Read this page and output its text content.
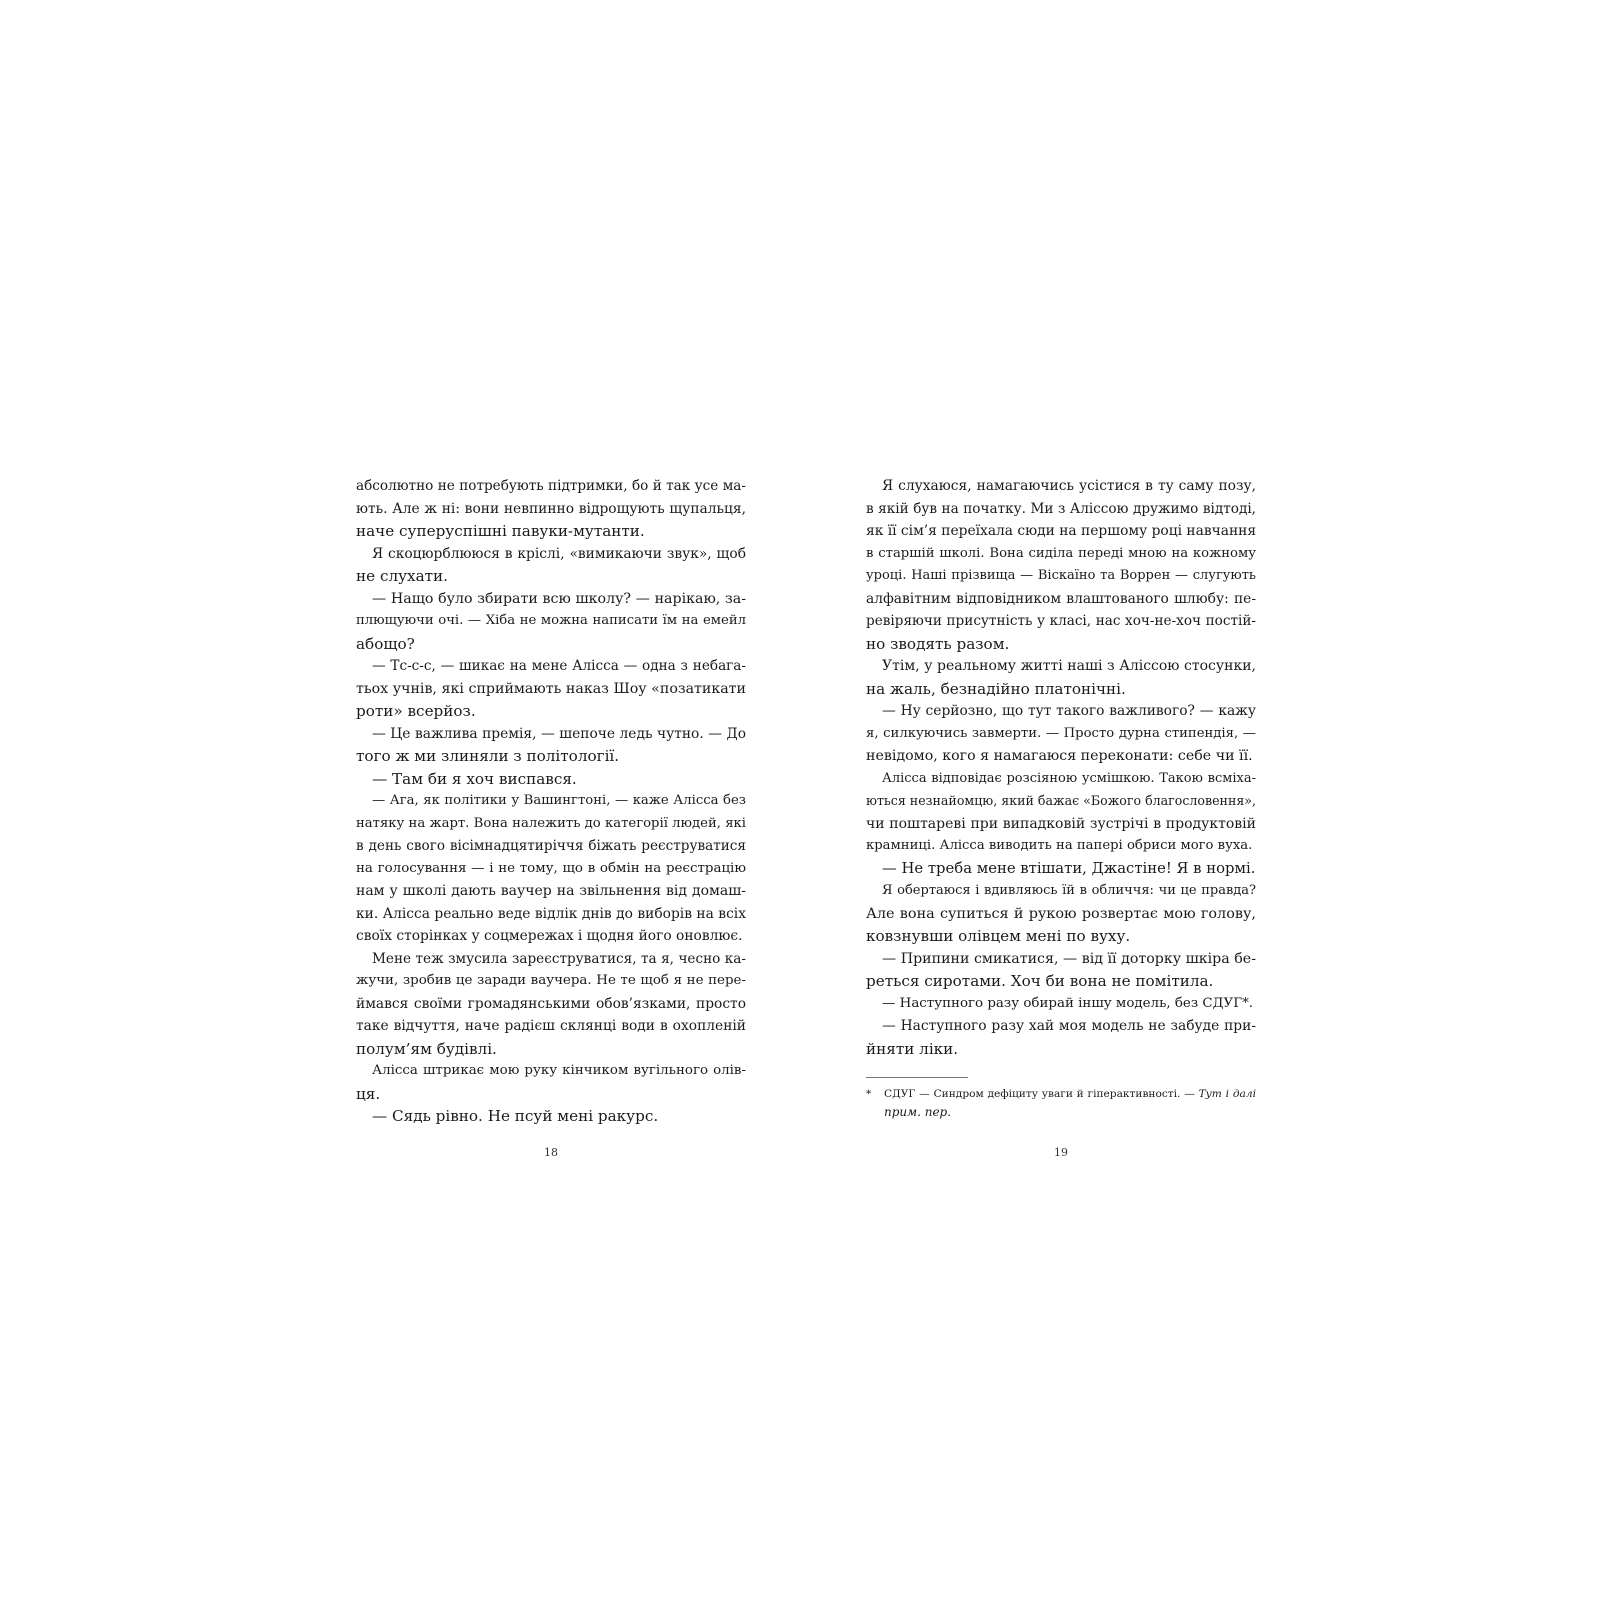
абсолютно не потребують підтримки, бо й так усе ма-
ють. Але ж ні: вони невпинно відрощують щупальця,
наче суперуспішні павуки-мутанти.
Я скоцюрблююся в кріслі, «вимикаючи звук», щоб
не слухати.
— Нащо було збирати всю школу? — нарікаю, за-
плющуючи очі. — Хіба не можна написати їм на емейл
абощо?
— Тс-с-с, — шикає на мене Алісса — одна з небага-
тьох учнів, які сприймають наказ Шоу «позатикати
роти» всерйоз.
— Це важлива премія, — шепоче ледь чутно. — До
того ж ми злиняли з політології.
— Там би я хоч виспався.
— Ага, як політики у Вашингтоні, — каже Алісса без
натяку на жарт. Вона належить до категорії людей, які
в день свого вісімнадцятиріччя біжать реєструватися
на голосування — і не тому, що в обмін на реєстрацію
нам у школі дають ваучер на звільнення від домаш-
ки. Алісса реально веде відлік днів до виборів на всіх
своїх сторінках у соцмережах і щодня його оновлює.
Мене теж змусила зареєструватися, та я, чесно ка-
жучи, зробив це заради ваучера. Не те щоб я не пере-
ймався своїми громадянськими обов’язками, просто
таке відчуття, наче радієш склянці води в охопленій
полум’ям будівлі.
Алісса штрикає мою руку кінчиком вугільного олів-
ця.
— Сядь рівно. Не псуй мені ракурс.
18
Я слухаюся, намагаючись усістися в ту саму позу,
в якій був на початку. Ми з Аліссою дружимо відтоді,
як її сім’я переїхала сюди на першому році навчання
в старшій школі. Вона сиділа переді мною на кожному
уроці. Наші прізвища — Віскаїно та Воррен — слугують
алфавітним відповідником влаштованого шлюбу: пе-
ревіряючи присутність у класі, нас хоч-не-хоч постій-
но зводять разом.
Утім, у реальному житті наші з Аліссою стосунки,
на жаль, безнадійно платонічні.
— Ну серйозно, що тут такого важливого? — кажу
я, силкуючись завмерти. — Просто дурна стипендія, —
невідомо, кого я намагаюся переконати: себе чи її.
Алісса відповідає розсіяною усмішкою. Такою всміха-
ються незнайомцю, який бажає «Божого благословення»,
чи поштареві при випадковій зустрічі в продуктовій
крамниці. Алісса виводить на папері обриси мого вуха.
— Не треба мене втішати, Джастіне! Я в нормі.
Я обертаюся і вдивляюсь їй в обличчя: чи це правда?
Але вона супиться й рукою розвертає мою голову,
ковзнувши олівцем мені по вуху.
— Припини смикатися, — від її доторку шкіра бе-
реться сиротами. Хоч би вона не помітила.
— Наступного разу обирай іншу модель, без СДУГ*.
— Наступного разу хай моя модель не забуде при-
йняти ліки.
* СДУГ — Синдром дефіциту уваги й гіперактивності. — Тут і далі
прим. пер.
19
